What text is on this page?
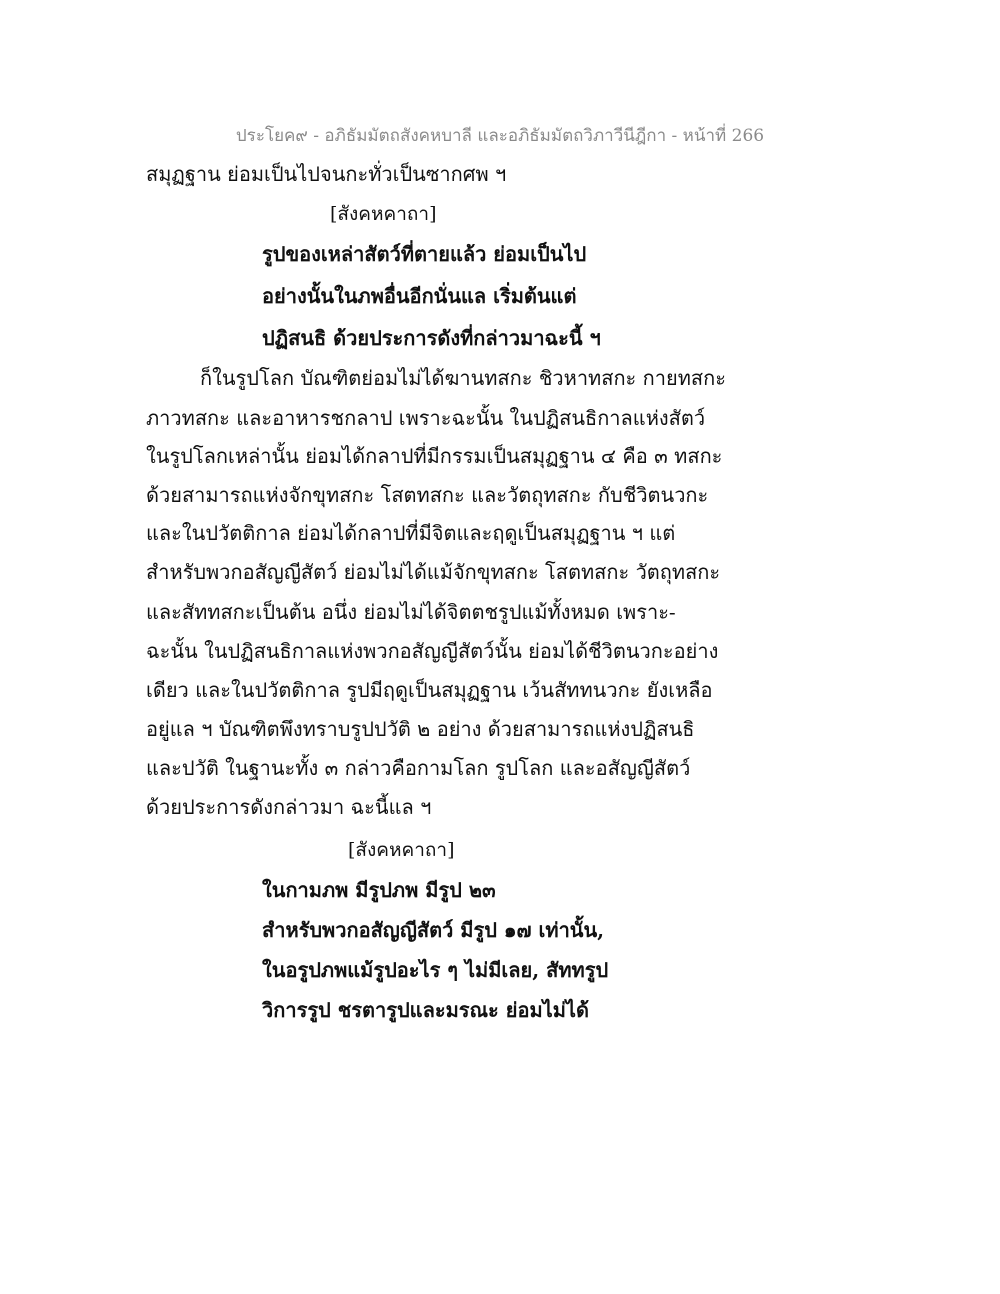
ประโยค๙ - อภิธัมมัตถสังคหบาลี และอภิธัมมัตถวิภาวีนีฎีกา - หน้าที่ 266
สมุฏฐาน ย่อมเป็นไปจนกะทั่วเป็นซากศพ ฯ
[สังคหคาถา]
รูปของเหล่าสัตว์ที่ตายแล้ว ย่อมเป็นไป
อย่างนั้นในภพอื่นอีกนั่นแล เริ่มต้นแต่
ปฏิสนธิ ด้วยประการดังที่กล่าวมาฉะนี้ ฯ
ก็ในรูปโลก บัณฑิตย่อมไม่ได้ฆานทสกะ ชิวหาทสกะ กายทสกะ
ภาวทสกะ และอาหารชกลาป เพราะฉะนั้น ในปฏิสนธิกาลแห่งสัตว์
ในรูปโลกเหล่านั้น ย่อมได้กลาปที่มีกรรมเป็นสมุฏฐาน ๔ คือ ๓ ทสกะ
ด้วยสามารถแห่งจักขุทสกะ โสตทสกะ และวัตถุทสกะ กับชีวิตนวกะ
และในปวัตติกาล ย่อมได้กลาปที่มีจิตและฤดูเป็นสมุฏฐาน ฯ แต่
สำหรับพวกอสัญญีสัตว์ ย่อมไม่ได้แม้จักขุทสกะ โสตทสกะ วัตถุทสกะ
และสัททสกะเป็นต้น อนึ่ง ย่อมไม่ได้จิตตชรูปแม้ทั้งหมด เพราะ-
ฉะนั้น ในปฏิสนธิกาลแห่งพวกอสัญญีสัตว์นั้น ย่อมได้ชีวิตนวกะอย่าง
เดียว และในปวัตติกาล รูปมีฤดูเป็นสมุฏฐาน เว้นสัททนวกะ ยังเหลือ
อยู่แล ฯ บัณฑิตพึงทราบรูปปวัติ ๒ อย่าง ด้วยสามารถแห่งปฏิสนธิ
และปวัติ ในฐานะทั้ง ๓ กล่าวคือกามโลก รูปโลก และอสัญญีสัตว์
ด้วยประการดังกล่าวมา ฉะนี้แล ฯ
[สังคหคาถา]
ในกามภพ มีรูปภพ มีรูป ๒๓
สำหรับพวกอสัญญีสัตว์ มีรูป ๑๗ เท่านั้น,
ในอรูปภพแม้รูปอะไร ๆ ไม่มีเลย, สัททรูป
วิการรูป ชรตารูปและมรณะ ย่อมไม่ได้
